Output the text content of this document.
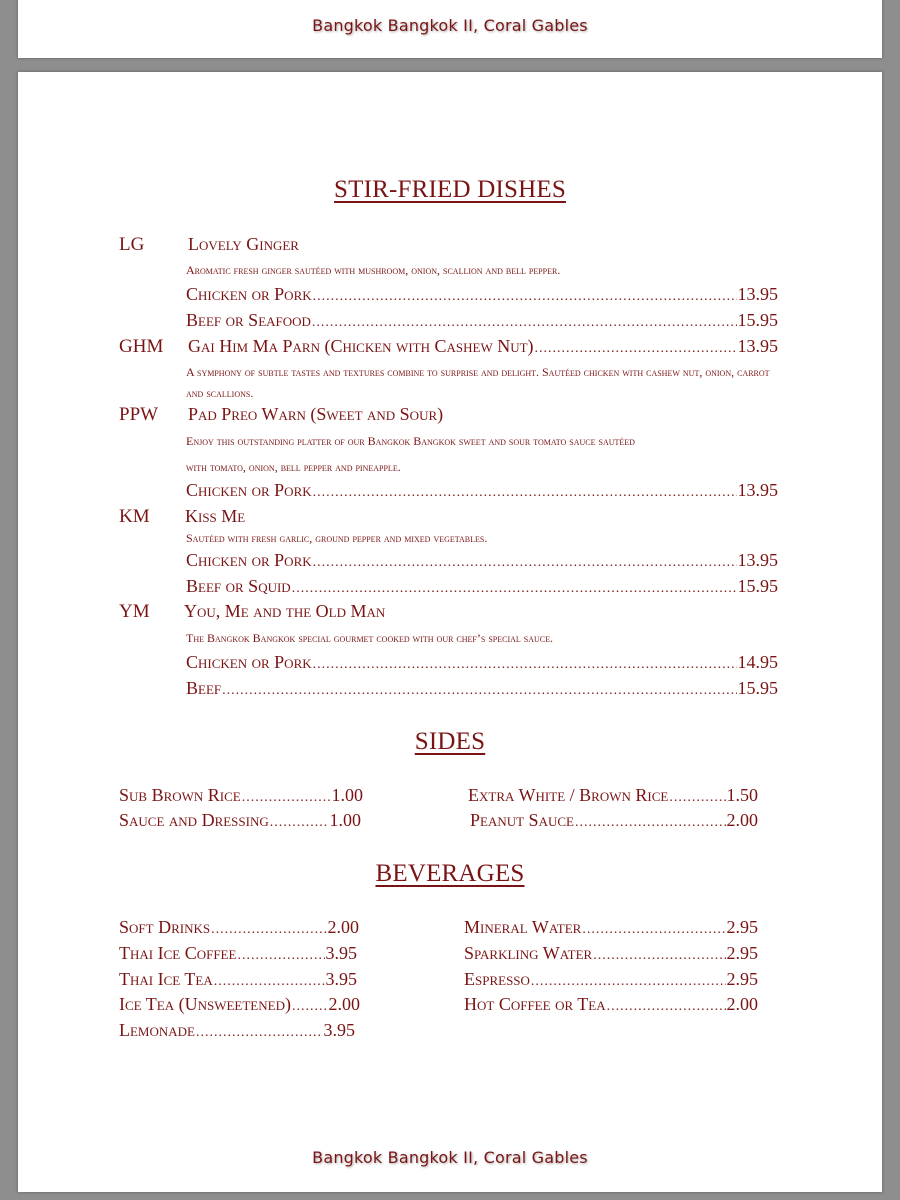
Bangkok Bangkok II, Coral Gables
STIR-FRIED DISHES
LG Lovely Ginger
Aromatic fresh ginger sautéed with mushroom, onion, scallion and bell pepper.
Chicken or Pork .....	13.95
Beef or Seafood .....	15.95
GHM Gai Him Ma Parn (Chicken with Cashew Nut) .....	13.95
A symphony of subtle tastes and textures combine to surprise and delight. Sautéed chicken with cashew nut, onion, carrot and scallions.
PPW Pad Preo Warn (Sweet and Sour)
Enjoy this outstanding platter of our Bangkok Bangkok sweet and sour tomato sauce sautéed
with tomato, onion, bell pepper and pineapple.
Chicken or Pork .....	13.95
KM Kiss Me
Sautéed with fresh garlic, ground pepper and mixed vegetables.
Chicken or Pork .....	13.95
Beef or Squid .....	15.95
YM You, Me and the Old Man
The Bangkok Bangkok special gourmet cooked with our chef’s special sauce.
Chicken or Pork .....	14.95
Beef .....	15.95
SIDES
Sub Brown Rice .....	1.00
Sauce and Dressing .....	1.00
Extra White / Brown Rice .....	1.50
Peanut Sauce .....	2.00
BEVERAGES
Soft Drinks .....	2.00
Thai Ice Coffee .....	3.95
Thai Ice Tea .....	3.95
Ice Tea (Unsweetened) ..... 2.00
Lemonade .....	3.95
Mineral Water .....	2.95
Sparkling Water .....	2.95
Espresso .....	2.95
Hot Coffee or Tea .....	2.00
Bangkok Bangkok II, Coral Gables
